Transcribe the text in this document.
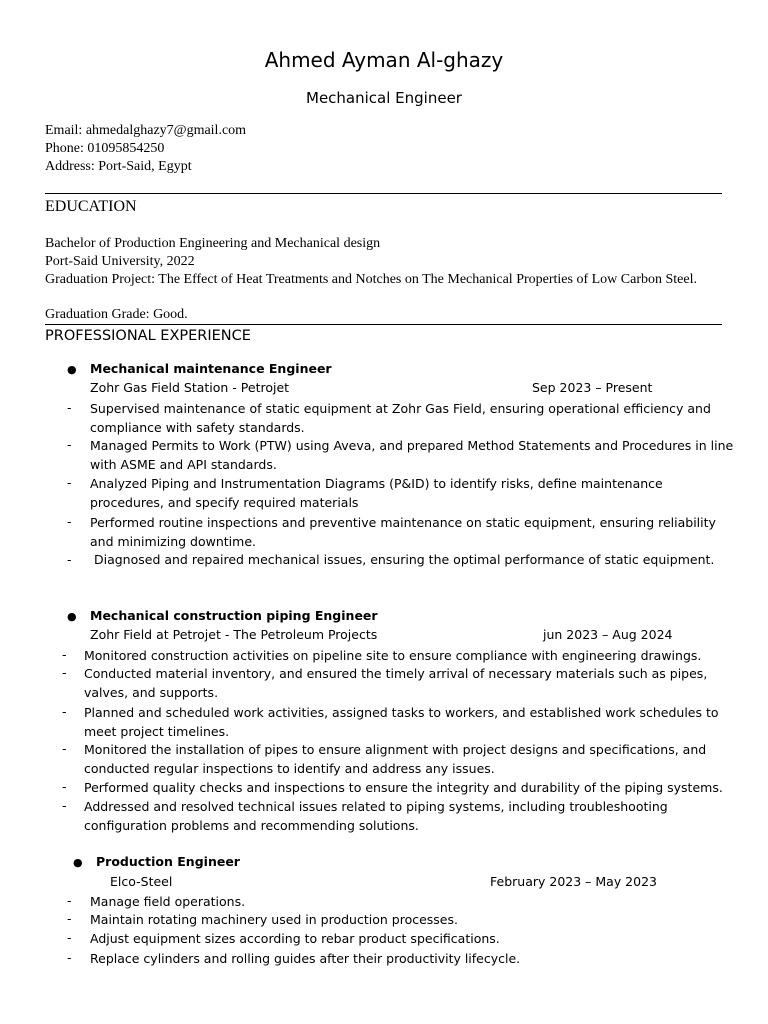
Ahmed Ayman Al-ghazy
Mechanical Engineer
Email: ahmedalghazy7@gmail.com
Phone: 01095854250
Address: Port-Said, Egypt
EDUCATION
Bachelor of Production Engineering and Mechanical design
Port-Said University, 2022
Graduation Project: The Effect of Heat Treatments and Notches on The Mechanical Properties of Low Carbon Steel.
Graduation Grade: Good.
PROFESSIONAL EXPERIENCE
● Mechanical maintenance Engineer
Zohr Gas Field Station - Petrojet	Sep 2023 – Present
- Supervised maintenance of static equipment at Zohr Gas Field, ensuring operational efficiency and compliance with safety standards.
- Managed Permits to Work (PTW) using Aveva, and prepared Method Statements and Procedures in line with ASME and API standards.
- Analyzed Piping and Instrumentation Diagrams (P&ID) to identify risks, define maintenance procedures, and specify required materials
- Performed routine inspections and preventive maintenance on static equipment, ensuring reliability and minimizing downtime.
- Diagnosed and repaired mechanical issues, ensuring the optimal performance of static equipment.
● Mechanical construction piping Engineer
Zohr Field at Petrojet - The Petroleum Projects	jun 2023 – Aug 2024
- Monitored construction activities on pipeline site to ensure compliance with engineering drawings.
- Conducted material inventory, and ensured the timely arrival of necessary materials such as pipes, valves, and supports.
- Planned and scheduled work activities, assigned tasks to workers, and established work schedules to meet project timelines.
- Monitored the installation of pipes to ensure alignment with project designs and specifications, and conducted regular inspections to identify and address any issues.
- Performed quality checks and inspections to ensure the integrity and durability of the piping systems.
- Addressed and resolved technical issues related to piping systems, including troubleshooting configuration problems and recommending solutions.
● Production Engineer
Elco-Steel	February 2023 – May 2023
- Manage field operations.
- Maintain rotating machinery used in production processes.
- Adjust equipment sizes according to rebar product specifications.
- Replace cylinders and rolling guides after their productivity lifecycle.
